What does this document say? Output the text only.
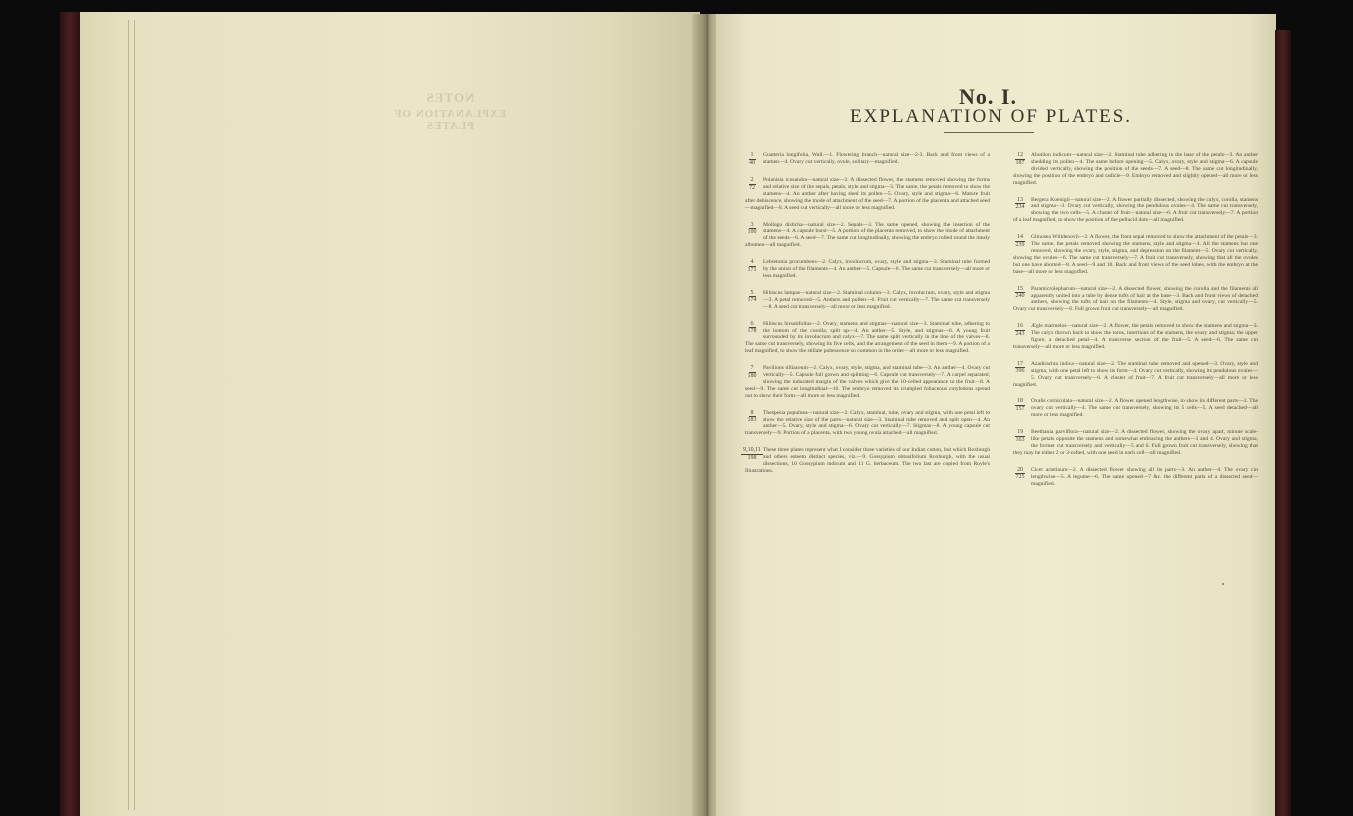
NOTES
EXPLANATION OF PLATES
No. I.
EXPLANATION OF PLATES.
$\frac{1}{40}$ Guatteria longifolia, Wall.—1. Flowering branch—natural size—2-3. Back and front views of a stamen—4. Ovary cut vertically, ovule, solitary—magnified.
$\frac{2}{72}$ Polanisia icosandra—natural size—2. A dissected flower, the stamens removed showing the forms and relative size of the sepals, petals, style and stigma—3. The same, the petals removed to show the stamens—4. An anther after having shed its pollen—5. Ovary, style and stigma—6. Mature fruit after dehiscence, showing the mode of attachment of the seed—7. A portion of the placenta and attached seed—magnified—8. A seed cut vertically—all more or less magnified.
$\frac{3}{100}$ Mollugo disticha—natural size—2. Sepals—3. The same opened, showing the insertion of the stamens—4. A capsule burst—5. A portion of the placenta removed, to show the mode of attachment of the seeds—6. A seed—7. The same cut longitudinally, showing the embryo rolled round the mealy albumen—all magnified.
$\frac{4}{171}$ Lebretonia procumbens—2. Calyx, involucrum, ovary, style and stigma—3. Staminal tube formed by the union of the filaments—4. An anther—5. Capsule—6. The same cut transversely—all more or less magnified.
$\frac{5}{174}$ Hibiscus lampas—natural size—2. Staminal column—3. Calyx, involucrum, ovary, style and stigma—3. A petal removed—5. Anthers and pollen—6. Fruit cut vertically—7. The same cut transversely—8. A seed cut transversely—all more or less magnified.
$\frac{6}{178}$ Hibiscus hirsutifolius—2. Ovary, stamens and stigmas—natural size—3. Staminal tube, adhering to the bottom of the corolla, split up—4. An anther—5. Style, and stigmas—6. A young fruit surrounded by its involucrum and calyx—7. The same split vertically in the line of the valves—8. The same cut transversely, showing its five cells, and the arrangement of the seed in them—9. A portion of a leaf magnified, to show the stillate pubescence so common in the order—all more or less magnified.
$\frac{7}{180}$ Pavilions tilliaceum—2. Calyx, ovary, style, stigma, and staminal tube—3. An anther—4. Ovary cut vertically—5. Capsule full grown and splitting—6. Capsule cut transversely—7. A carpel separated, showing the indurated margin of the valves which give the 10-celled appearance to the fruit—8. A seed—9. The same cut longitudinal—10. The embryo removed its crumpled foliaceous cotyledons spread out to show their form—all more or less magnified.
$\frac{8}{183}$ Thespesia populnea—natural size—2. Calyx, staminal, tube, ovary and stigma, with one petal left to show the relative size of the parts—natural size—3. Staminal tube removed and split open—4. An anther—5. Ovary, style and stigma—6. Ovary cut vertically—7. Stigmas—8. A young capsule cut transversely—9. Portion of a placenta, with two young ovula attached—all magnified.
$\frac{9,10,11}{198}$ These three plates represent what I consider three varieties of our Indian cotton, but which Roxburgh and others esteem distinct species, viz.—9. Gossypium obtusifolium Roxburgh, with the usual dissections, 10 Gossypium indicum and 11 G. herbaceum. The two last are copied from Royle's Illustrations.
$\frac{12}{187}$ Abutilon indicum—natural size—2. Staminal tube adhering to the base of the petals—3. An anther shedding its pollen—4. The same before opening—5. Calyx, ovary, style and stigma—6. A capsule divided vertically, showing the position of the seeds—7. A seed—8. The same cut longitudinally, showing the position of the embryo and radicle—9. Embryo removed and slightly opened—all more or less magnified.
$\frac{13}{234}$ Bergera Koenigii—natural size—2. A flower partially dissected, showing the calyx, corolla, stamens and stigma—3. Ovary cut vertically, showing the pendulous ovules—4. The same cut transversely, showing the two cells—5. A cluster of fruit—natural size—6. A fruit cut transversely—7. A portion of a leaf magnified, to show the position of the pellucid dots—all magnified.
$\frac{14}{239}$ Glinosea Willdenovii—2. A flower, the front sepal removed to show the attachment of the petals—3. The same, the petals removed showing the stamens, style and stigma—4. All the stamens but one removed, showing the ovary, style, stigma, and depression on the filament—5. Ovary cut vertically, showing the ovules—6. The same cut transversely—7. A fruit cut transversely, showing that all the ovules but one have aborted—8. A seed—9 and 10. Back and front views of the seed lobes, with the embryo at the base—all more or less magnified.
$\frac{15}{240}$ Paramicrolepharum—natural size—2. A dissected flower, showing the corolla and the filaments all apparently united into a tube by dense tufts of hair at the base—3. Back and front views of detached anthers, showing the tufts of hair on the filaments—4. Style, stigma and ovary, cut vertically—5. Ovary cut transversely—6. Full grown fruit cut transversely—all magnified.
$\frac{16}{243}$ Ægle marmelos—natural size—2. A flower, the petals removed to show the stamens and stigma—3. The calyx thrown back to show the torus, insertions of the stamens, the ovary and stigma; the upper figure, a detached petal—4. A transverse section of the fruit—5. A seed—6. The same cut transversely—all more or less magnified.
$\frac{17}{396}$ Azadirachta indica—natural size—2. The staminal tube removed and opened—3. Ovary, style and stigma, with one petal left to show its form—4. Ovary cut vertically, showing its pendulous ovules—5. Ovary cut transversely—6. A cluster of fruit—7. A fruit cut transversely—all more or less magnified.
$\frac{18}{157}$ Oxalis corniculata—natural size—2. A flower opened lengthwise, to show its different parts—3. The ovary cut vertically—4. The same cut transversely, showing its 5 cells—5. A seed detached—all more or less magnified.
$\frac{19}{163}$ Beethania parviflora—natural size—2. A dissected flower, showing the ovary apart, minute scale-like petals opposite the stamens and somewhat embracing the anthers—3 and 4. Ovary and stigma, the former cut transversely and vertically—5 and 6. Full grown fruit cut transversely, showing that they may be either 2 or 3-celled, with one seed in each cell—all magnified.
$\frac{20}{725}$ Cicer arietinum—2. A dissected flower showing all its parts—3. An anther—4. The ovary cut lengthwise—5. A legume—6. The same opened—7 &c. the different parts of a dissected seed—magnified.
